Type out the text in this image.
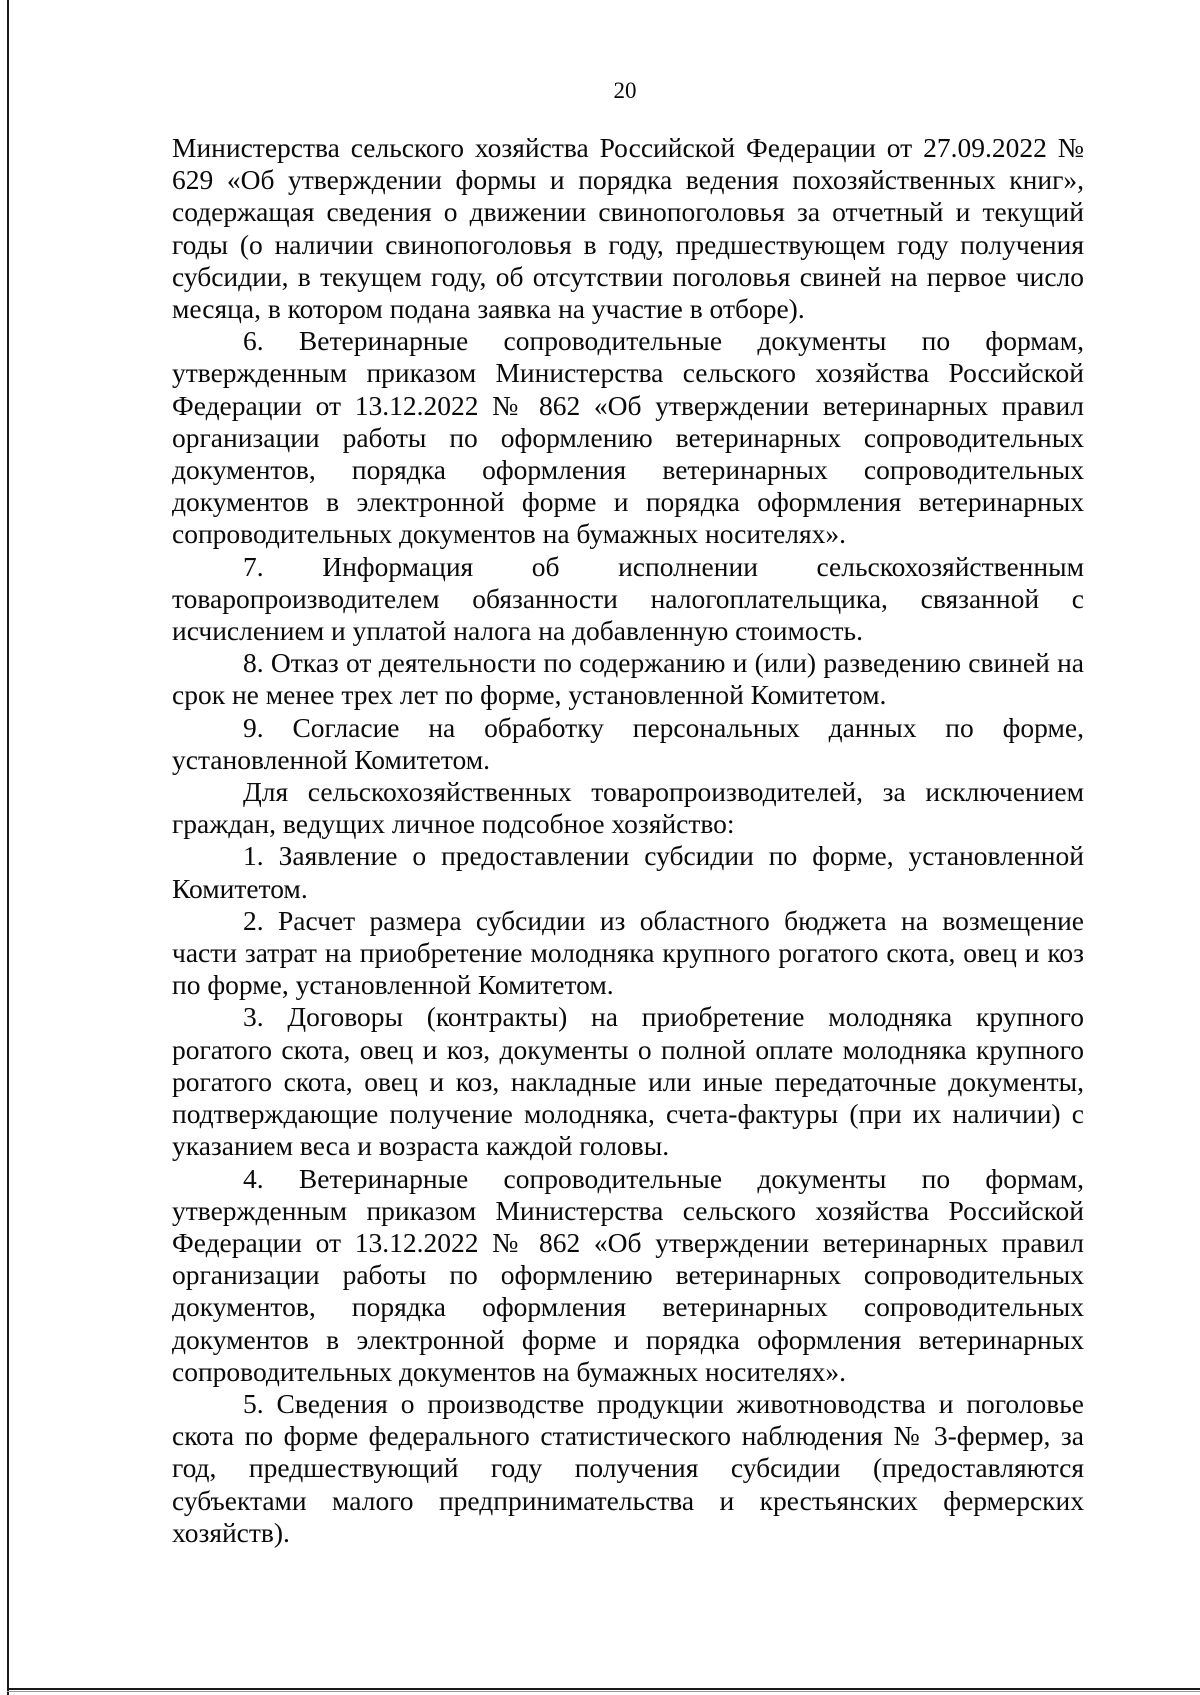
20

Министерства сельского хозяйства Российской Федерации от 27.09.2022 № 629 «Об утверждении формы и порядка ведения похозяйственных книг», содержащая сведения о движении свинопоголовья за отчетный и текущий годы (о наличии свинопоголовья в году, предшествующем году получения субсидии, в текущем году, об отсутствии поголовья свиней на первое число месяца, в котором подана заявка на участие в отборе).

6. Ветеринарные сопроводительные документы по формам, утвержденным приказом Министерства сельского хозяйства Российской Федерации от 13.12.2022 № 862 «Об утверждении ветеринарных правил организации работы по оформлению ветеринарных сопроводительных документов, порядка оформления ветеринарных сопроводительных документов в электронной форме и порядка оформления ветеринарных сопроводительных документов на бумажных носителях».

7. Информация об исполнении сельскохозяйственным товаропроизводителем обязанности налогоплательщика, связанной с исчислением и уплатой налога на добавленную стоимость.

8. Отказ от деятельности по содержанию и (или) разведению свиней на срок не менее трех лет по форме, установленной Комитетом.

9. Согласие на обработку персональных данных по форме, установленной Комитетом.

Для сельскохозяйственных товаропроизводителей, за исключением граждан, ведущих личное подсобное хозяйство:

1. Заявление о предоставлении субсидии по форме, установленной Комитетом.

2. Расчет размера субсидии из областного бюджета на возмещение части затрат на приобретение молодняка крупного рогатого скота, овец и коз по форме, установленной Комитетом.

3. Договоры (контракты) на приобретение молодняка крупного рогатого скота, овец и коз, документы о полной оплате молодняка крупного рогатого скота, овец и коз, накладные или иные передаточные документы, подтверждающие получение молодняка, счета-фактуры (при их наличии) с указанием веса и возраста каждой головы.

4. Ветеринарные сопроводительные документы по формам, утвержденным приказом Министерства сельского хозяйства Российской Федерации от 13.12.2022 № 862 «Об утверждении ветеринарных правил организации работы по оформлению ветеринарных сопроводительных документов, порядка оформления ветеринарных сопроводительных документов в электронной форме и порядка оформления ветеринарных сопроводительных документов на бумажных носителях».

5. Сведения о производстве продукции животноводства и поголовье скота по форме федерального статистического наблюдения № 3-фермер, за год, предшествующий году получения субсидии (предоставляются субъектами малого предпринимательства и крестьянских фермерских хозяйств).
